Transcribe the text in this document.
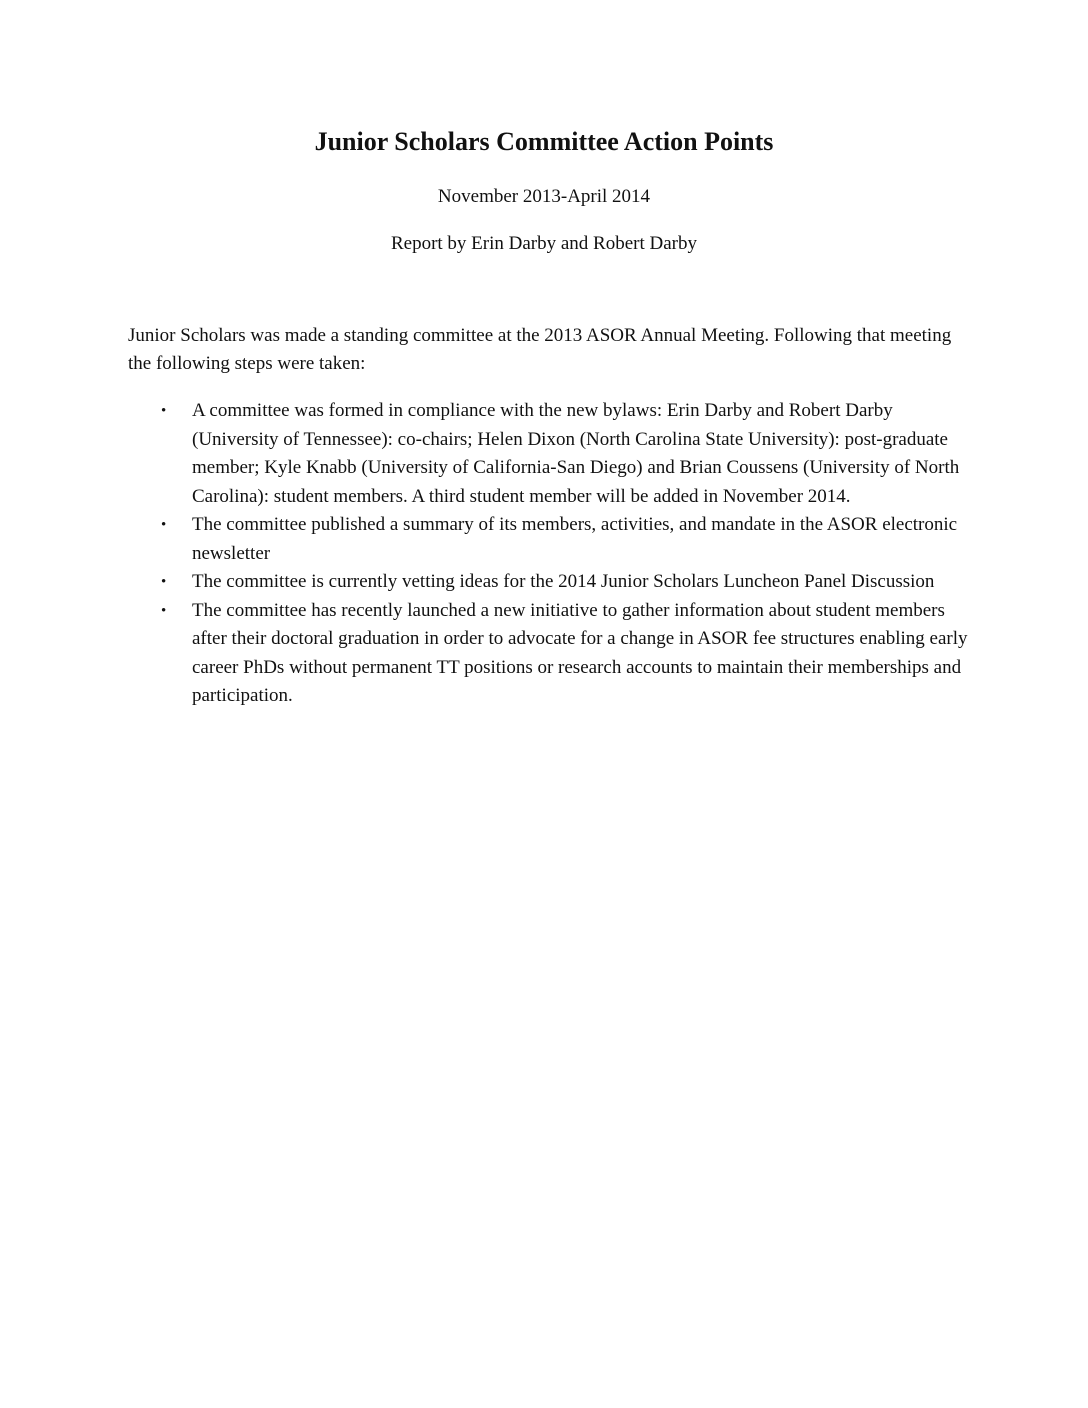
Junior Scholars Committee Action Points

November 2013-April 2014

Report by Erin Darby and Robert Darby

Junior Scholars was made a standing committee at the 2013 ASOR Annual Meeting. Following that meeting the following steps were taken:

• A committee was formed in compliance with the new bylaws: Erin Darby and Robert Darby (University of Tennessee): co-chairs; Helen Dixon (North Carolina State University): post-graduate member; Kyle Knabb (University of California-San Diego) and Brian Coussens (University of North Carolina): student members. A third student member will be added in November 2014.
• The committee published a summary of its members, activities, and mandate in the ASOR electronic newsletter
• The committee is currently vetting ideas for the 2014 Junior Scholars Luncheon Panel Discussion
• The committee has recently launched a new initiative to gather information about student members after their doctoral graduation in order to advocate for a change in ASOR fee structures enabling early career PhDs without permanent TT positions or research accounts to maintain their memberships and participation.
